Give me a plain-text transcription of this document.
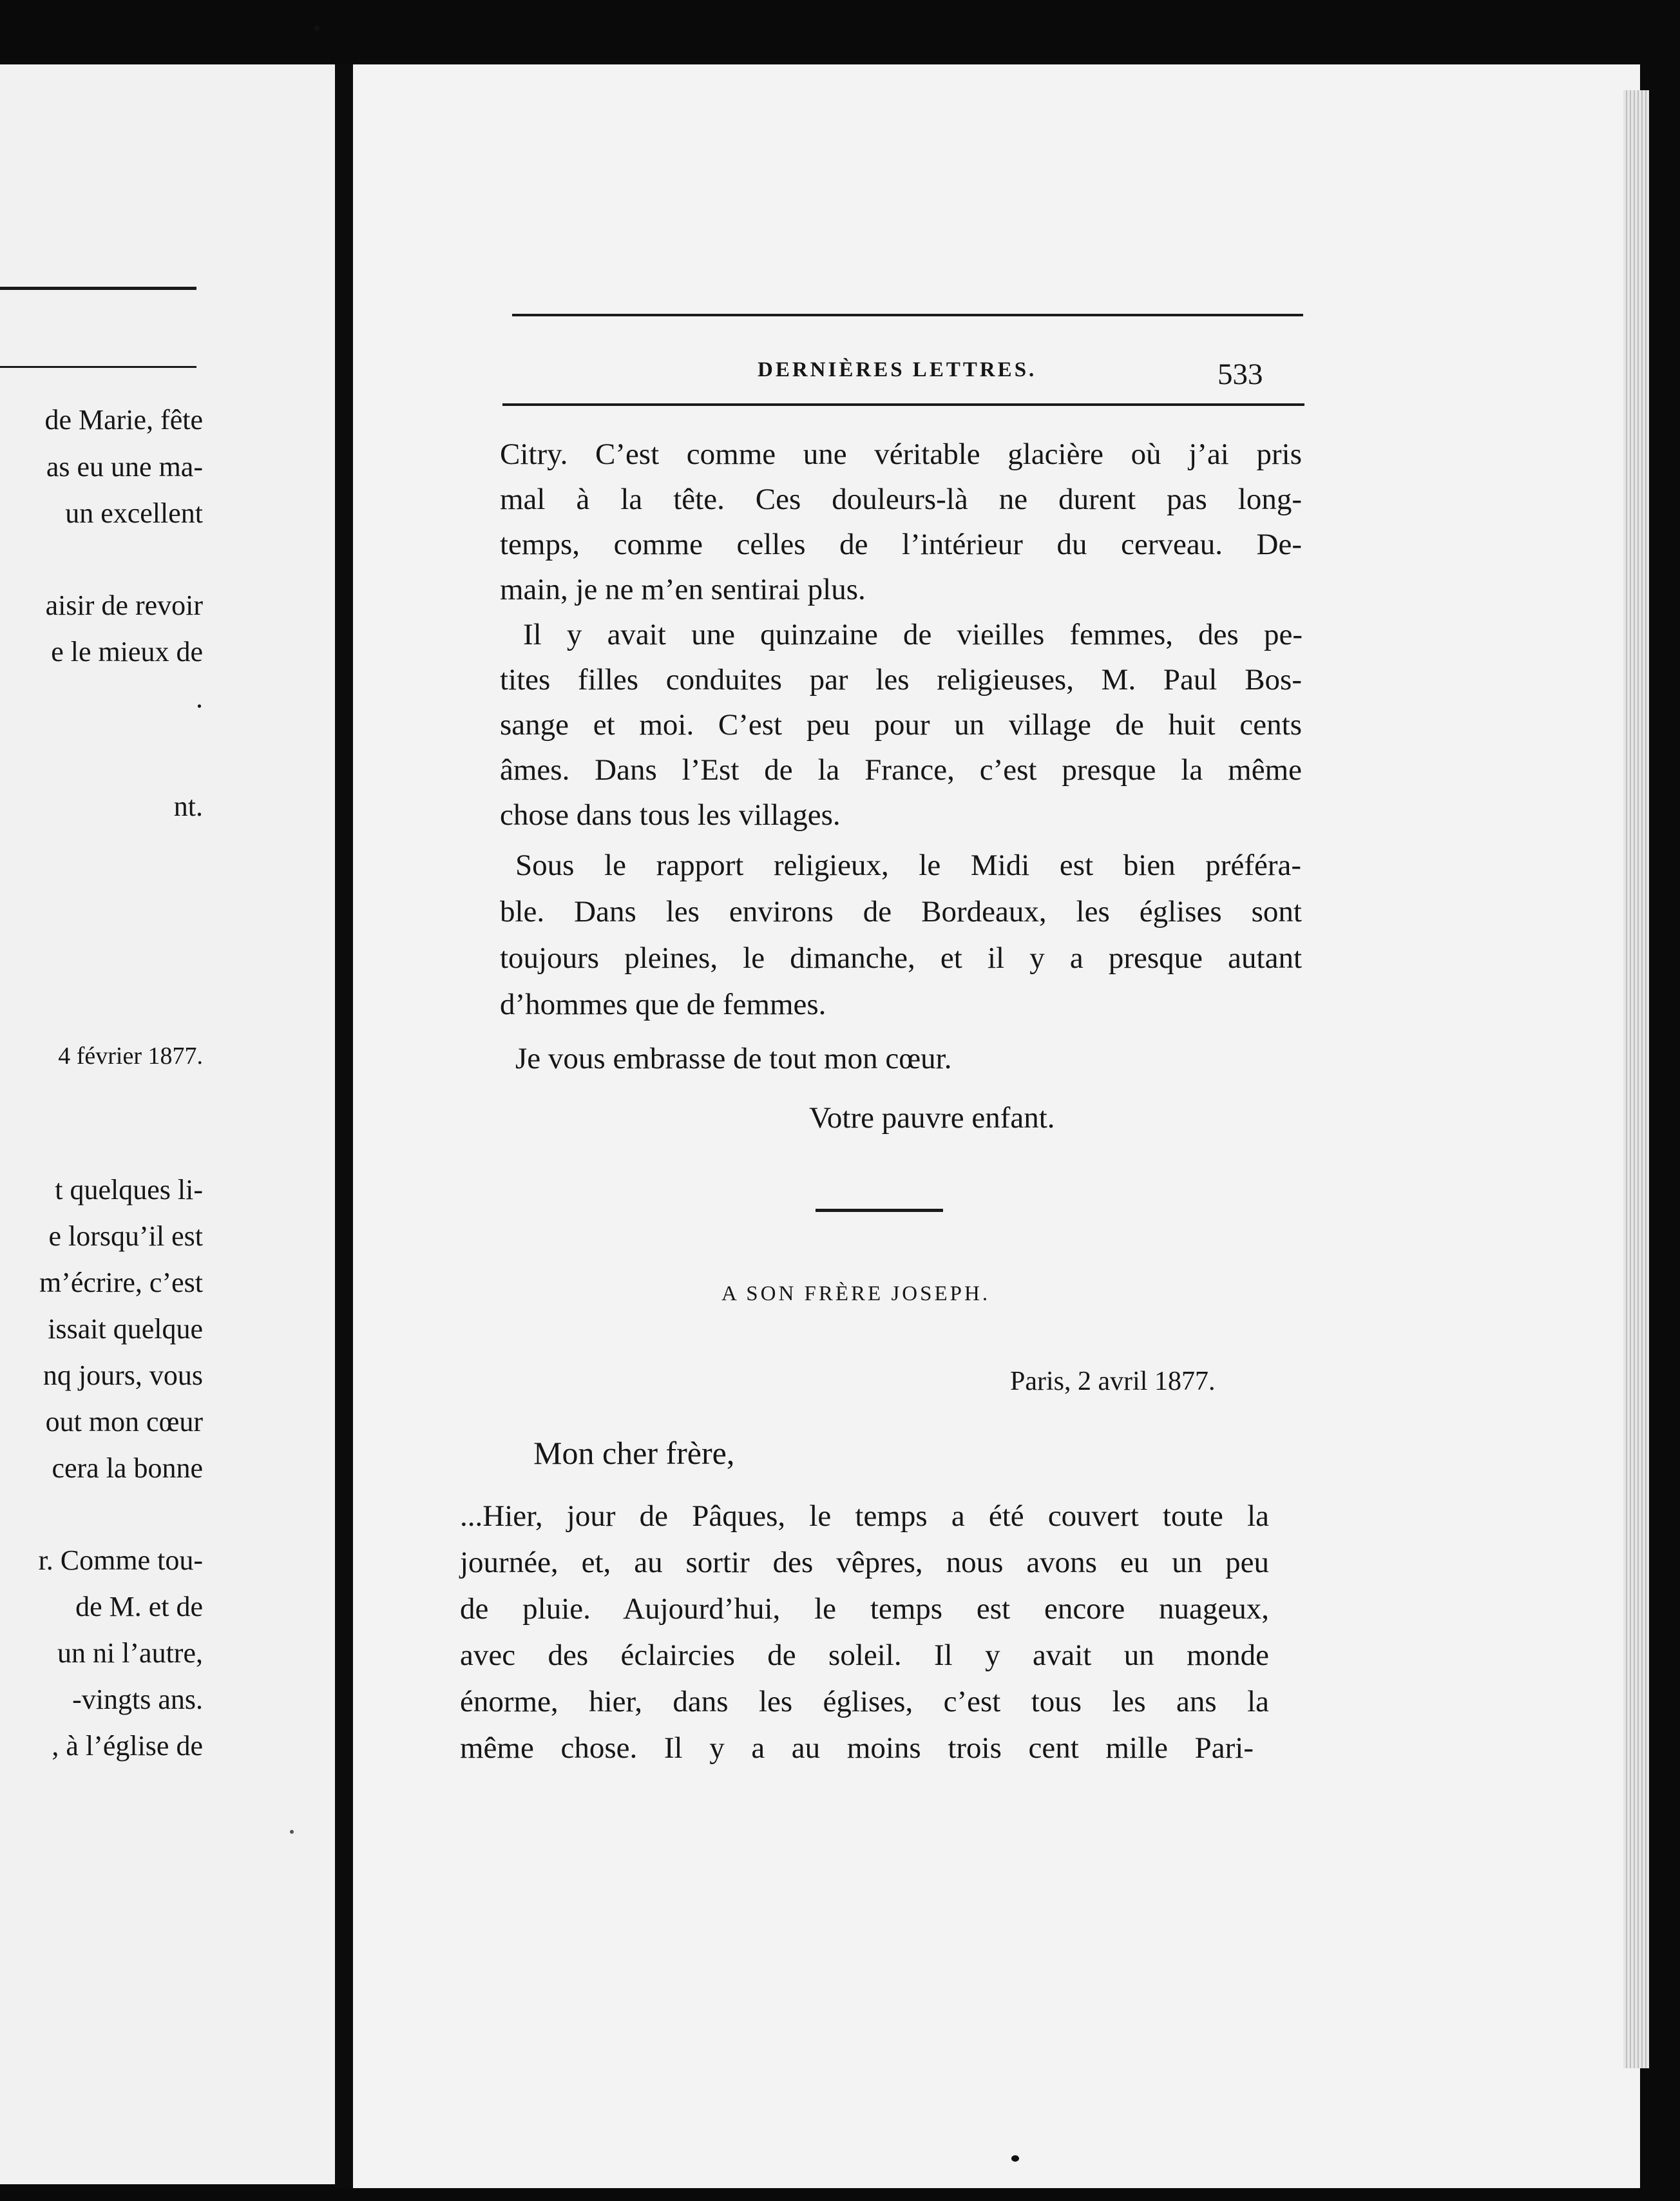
de Marie, fête
as eu une ma-
un excellent
aisir de revoir
e le mieux de
.
nt.
4 février 1877.
t quelques li-
e lorsqu’il est
m’écrire, c’est
issait quelque
nq jours, vous
out mon cœur
cera la bonne
r. Comme tou-
de M. et de
un ni l’autre,
-vingts ans.
, à l’église de
DERNIÈRES LETTRES.	533
Citry. C’est comme une véritable glacière où j’ai pris
mal à la tête. Ces douleurs-là ne durent pas long-
temps, comme celles de l’intérieur du cerveau. De-
main, je ne m’en sentirai plus.
Il y avait une quinzaine de vieilles femmes, des pe-
tites filles conduites par les religieuses, M. Paul Bos-
sange et moi. C’est peu pour un village de huit cents
âmes. Dans l’Est de la France, c’est presque la même
chose dans tous les villages.
Sous le rapport religieux, le Midi est bien préféra-
ble. Dans les environs de Bordeaux, les églises sont
toujours pleines, le dimanche, et il y a presque autant
d’hommes que de femmes.
Je vous embrasse de tout mon cœur.
Votre pauvre enfant.
A SON FRÈRE JOSEPH.
Paris, 2 avril 1877.
Mon cher frère,
...Hier, jour de Pâques, le temps a été couvert toute la
journée, et, au sortir des vêpres, nous avons eu un peu
de pluie. Aujourd’hui, le temps est encore nuageux,
avec des éclaircies de soleil. Il y avait un monde
énorme, hier, dans les églises, c’est tous les ans la
même chose. Il y a au moins trois cent mille Pari-
